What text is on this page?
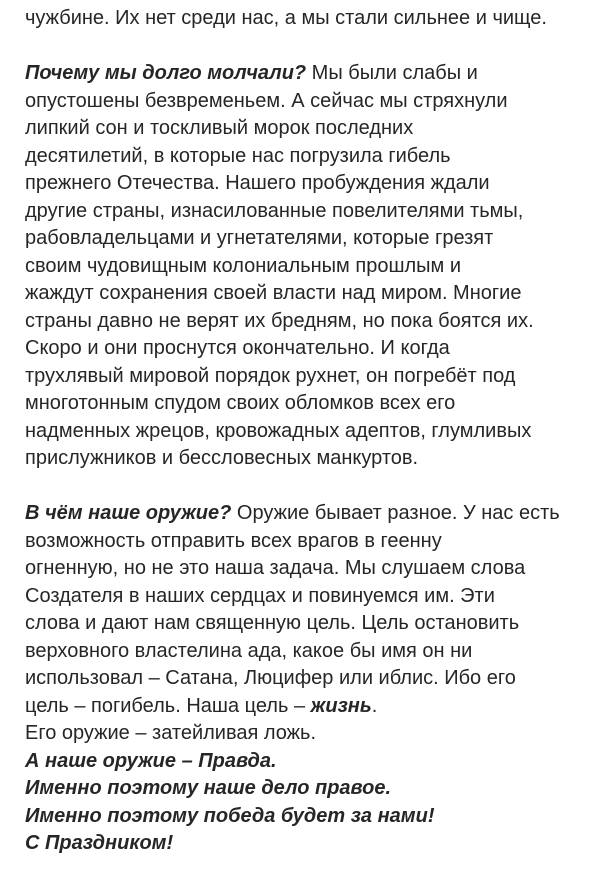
чужбине. Их нет среди нас, а мы стали сильнее и чище.
Почему мы долго молчали? Мы были слабы и
опустошены безвременьем. А сейчас мы стряхнули
липкий сон и тоскливый морок последних
десятилетий, в которые нас погрузила гибель
прежнего Отечества. Нашего пробуждения ждали
другие страны, изнасилованные повелителями тьмы,
рабовладельцами и угнетателями, которые грезят
своим чудовищным колониальным прошлым и
жаждут сохранения своей власти над миром. Многие
страны давно не верят их бредням, но пока боятся их.
Скоро и они проснутся окончательно. И когда
трухлявый мировой порядок рухнет, он погребёт под
многотонным спудом своих обломков всех его
надменных жрецов, кровожадных адептов, глумливых
прислужников и бессловесных манкуртов.
В чём наше оружие? Оружие бывает разное. У нас есть
возможность отправить всех врагов в геенну
огненную, но не это наша задача. Мы слушаем слова
Создателя в наших сердцах и повинуемся им. Эти
слова и дают нам священную цель. Цель остановить
верховного властелина ада, какое бы имя он ни
использовал – Сатана, Люцифер или иблис. Ибо его
цель – погибель. Наша цель – жизнь.
Его оружие – затейливая ложь.
А наше оружие – Правда.
Именно поэтому наше дело правое.
Именно поэтому победа будет за нами!
С Праздником!
